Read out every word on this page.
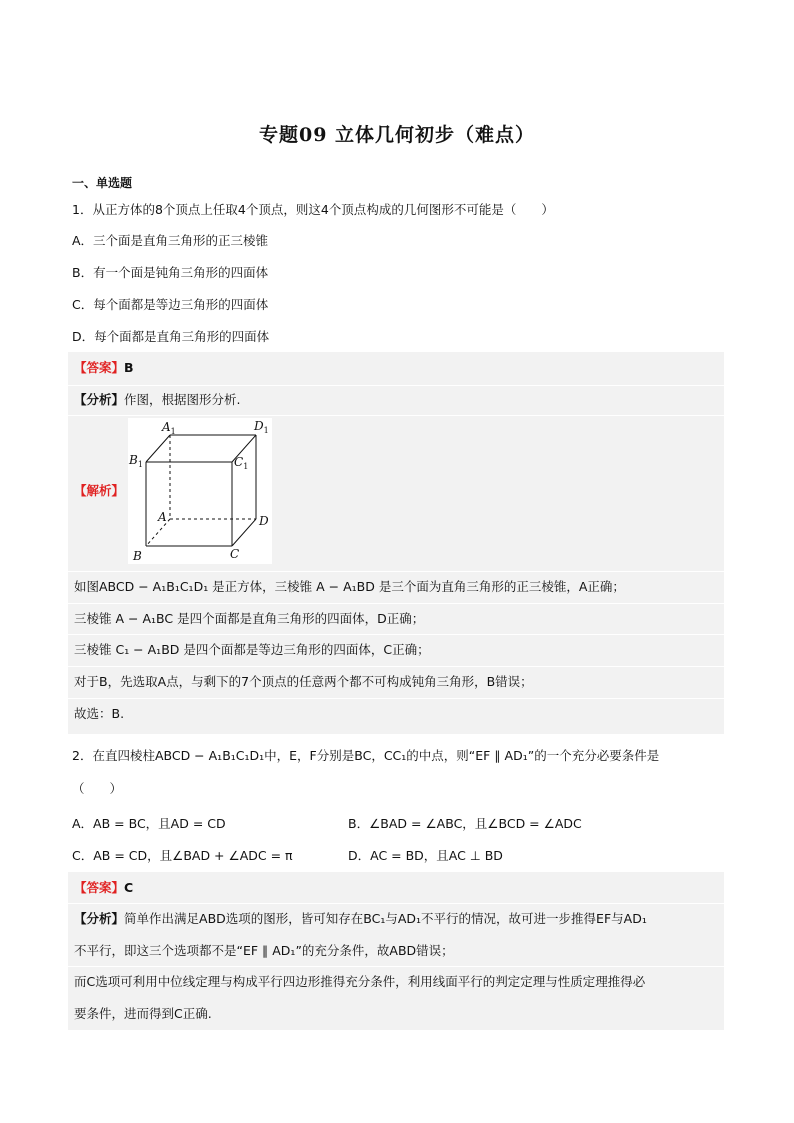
专题09 立体几何初步（难点）
一、单选题
1．从正方体的8个顶点上任取4个顶点，则这4个顶点构成的几何图形不可能是（　　）
A．三个面是直角三角形的正三棱锥
B．有一个面是钝角三角形的四面体
C．每个面都是等边三角形的四面体
D．每个面都是直角三角形的四面体
【答案】B
【分析】作图，根据图形分析.
【解析】
如图ABCD − A₁B₁C₁D₁ 是正方体，三棱锥 A − A₁BD 是三个面为直角三角形的正三棱锥，A正确；
三棱锥 A − A₁BC 是四个面都是直角三角形的四面体，D正确；
三棱锥 C₁ − A₁BD 是四个面都是等边三角形的四面体，C正确；
对于B，先选取A点，与剩下的7个顶点的任意两个都不可构成钝角三角形，B错误；
故选：B.
$A_1$	$D_1$
$B_1$	$C_1$
A	D
B	C
2．在直四棱柱ABCD − A₁B₁C₁D₁中，E，F分别是BC，CC₁的中点，则“EF ∥ AD₁”的一个充分必要条件是
（　　）
A．AB = BC，且AD = CD	B．∠BAD = ∠ABC，且∠BCD = ∠ADC
C．AB = CD，且∠BAD + ∠ADC = π	D．AC = BD，且AC ⊥ BD
【答案】C
【分析】简单作出满足ABD选项的图形，皆可知存在BC₁与AD₁不平行的情况，故可进一步推得EF与AD₁
不平行，即这三个选项都不是“EF ∥ AD₁”的充分条件，故ABD错误；
而C选项可利用中位线定理与构成平行四边形推得充分条件，利用线面平行的判定定理与性质定理推得必
要条件，进而得到C正确.
